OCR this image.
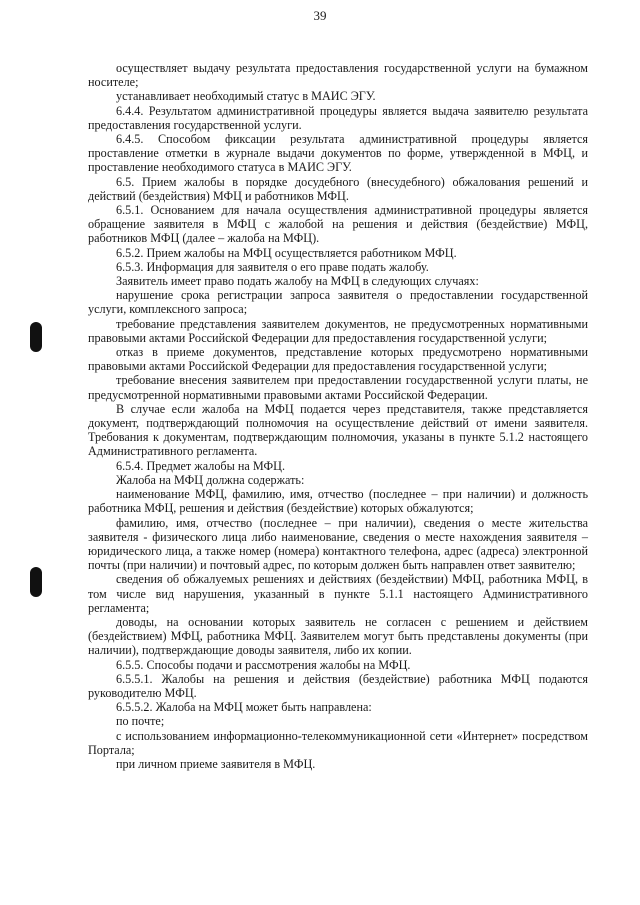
39

осуществляет выдачу результата предоставления государственной услуги на бумажном носителе;

устанавливает необходимый статус в МАИС ЭГУ.

6.4.4. Результатом административной процедуры является выдача заявителю результата предоставления государственной услуги.

6.4.5. Способом фиксации результата административной процедуры является проставление отметки в журнале выдачи документов по форме, утвержденной в МФЦ, и проставление необходимого статуса в МАИС ЭГУ.

6.5. Прием жалобы в порядке досудебного (внесудебного) обжалования решений и действий (бездействия) МФЦ и работников МФЦ.

6.5.1. Основанием для начала осуществления административной процедуры является обращение заявителя в МФЦ с жалобой на решения и действия (бездействие) МФЦ, работников МФЦ (далее – жалоба на МФЦ).

6.5.2. Прием жалобы на МФЦ осуществляется работником МФЦ.

6.5.3. Информация для заявителя о его праве подать жалобу.

Заявитель имеет право подать жалобу на МФЦ в следующих случаях:

нарушение срока регистрации запроса заявителя о предоставлении государственной услуги, комплексного запроса;

требование представления заявителем документов, не предусмотренных нормативными правовыми актами Российской Федерации для предоставления государственной услуги;

отказ в приеме документов, представление которых предусмотрено нормативными правовыми актами Российской Федерации для предоставления государственной услуги;

требование внесения заявителем при предоставлении государственной услуги платы, не предусмотренной нормативными правовыми актами Российской Федерации.

В случае если жалоба на МФЦ подается через представителя, также представляется документ, подтверждающий полномочия на осуществление действий от имени заявителя. Требования к документам, подтверждающим полномочия, указаны в пункте 5.1.2 настоящего Административного регламента.

6.5.4. Предмет жалобы на МФЦ.

Жалоба на МФЦ должна содержать:

наименование МФЦ, фамилию, имя, отчество (последнее – при наличии) и должность работника МФЦ, решения и действия (бездействие) которых обжалуются;

фамилию, имя, отчество (последнее – при наличии), сведения о месте жительства заявителя - физического лица либо наименование, сведения о месте нахождения заявителя – юридического лица, а также номер (номера) контактного телефона, адрес (адреса) электронной почты (при наличии) и почтовый адрес, по которым должен быть направлен ответ заявителю;

сведения об обжалуемых решениях и действиях (бездействии) МФЦ, работника МФЦ, в том числе вид нарушения, указанный в пункте 5.1.1 настоящего Административного регламента;

доводы, на основании которых заявитель не согласен с решением и действием (бездействием) МФЦ, работника МФЦ. Заявителем могут быть представлены документы (при наличии), подтверждающие доводы заявителя, либо их копии.

6.5.5. Способы подачи и рассмотрения жалобы на МФЦ.

6.5.5.1. Жалобы на решения и действия (бездействие) работника МФЦ подаются руководителю МФЦ.

6.5.5.2. Жалоба на МФЦ может быть направлена:

по почте;

с использованием информационно-телекоммуникационной сети «Интернет» посредством Портала;

при личном приеме заявителя в МФЦ.
